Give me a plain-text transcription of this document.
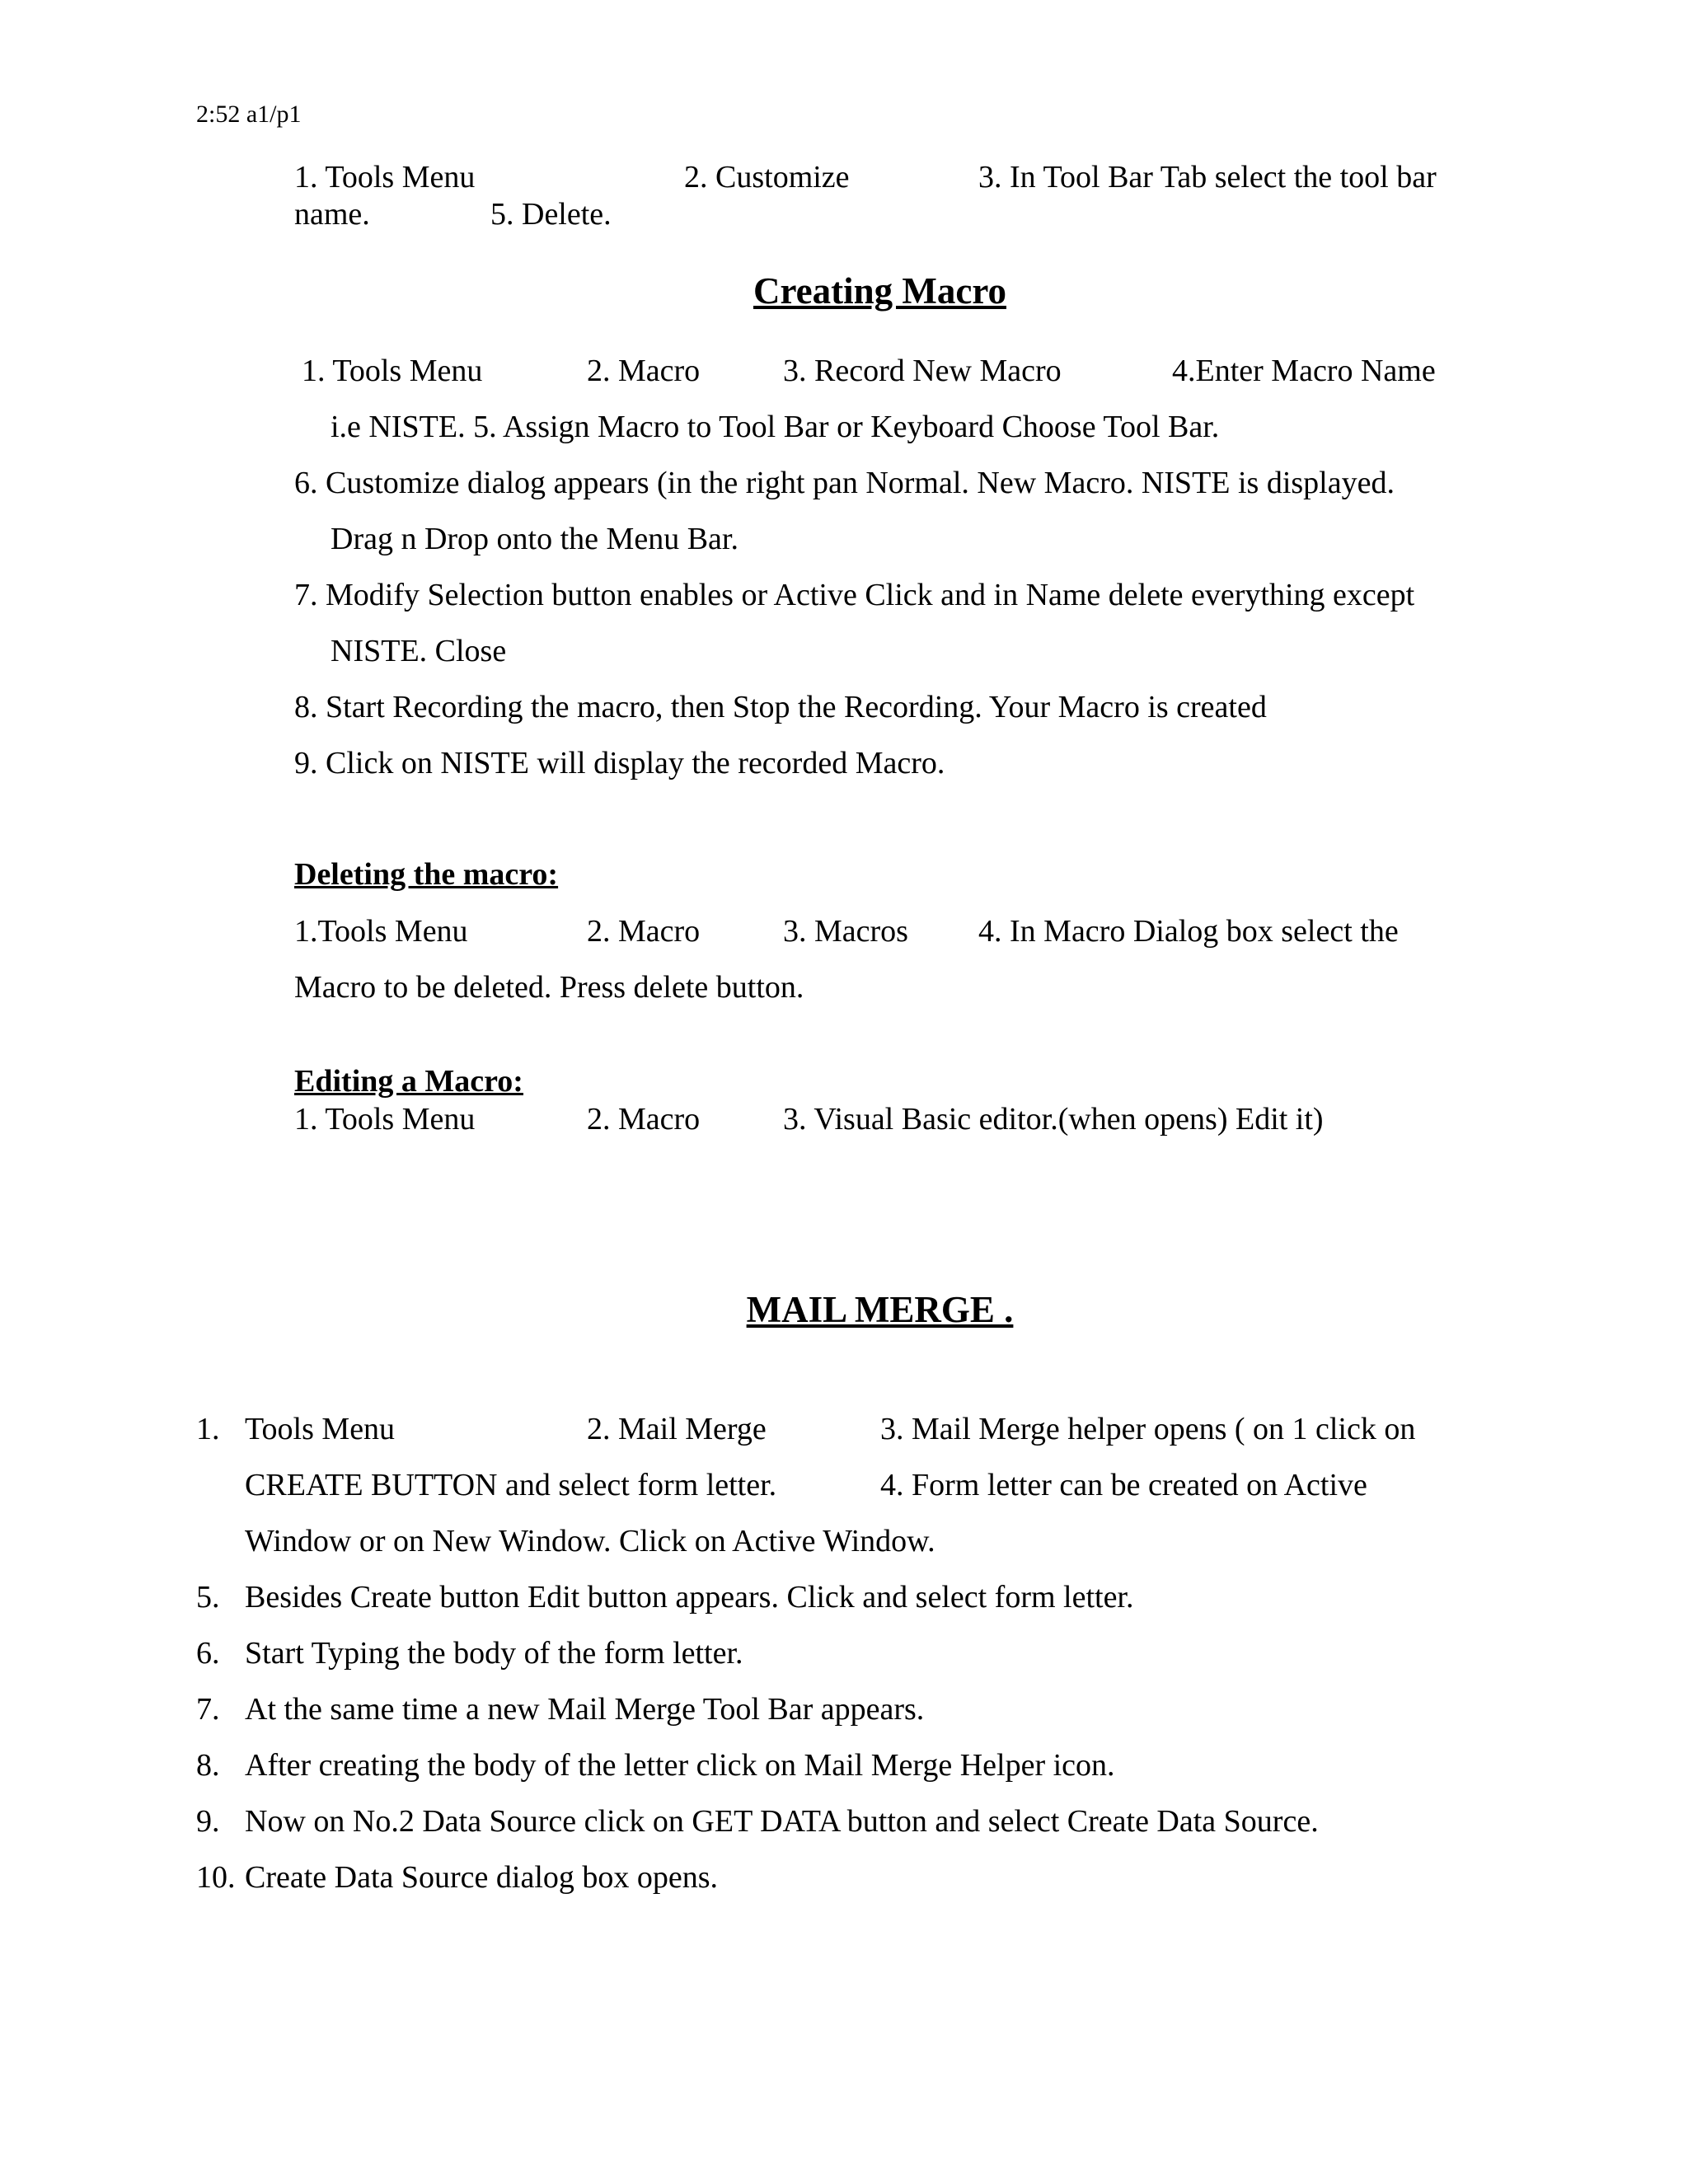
2:52 a1/p1
1. Tools Menu	2. Customize	3. In Tool Bar Tab select the tool bar
name.	5. Delete.
Creating Macro
1. Tools Menu	2. Macro	3. Record New Macro	4.Enter Macro Name
i.e NISTE. 5. Assign Macro to Tool Bar or Keyboard Choose Tool Bar.
6. Customize dialog appears (in the right pan Normal. New Macro. NISTE is displayed.
Drag n Drop onto the Menu Bar.
7. Modify Selection button enables or Active Click and in Name delete everything except
NISTE. Close
8. Start Recording the macro, then Stop the Recording. Your Macro is created
9. Click on NISTE will display the recorded Macro.
Deleting the macro:
1.Tools Menu	2. Macro	3. Macros 4. In Macro Dialog box select the
Macro to be deleted. Press delete button.
Editing a Macro:
1. Tools Menu	2. Macro	3. Visual Basic editor.(when opens) Edit it)
MAIL MERGE .
1. Tools Menu	2. Mail Merge	3. Mail Merge helper opens ( on 1 click on
CREATE BUTTON and select form letter.	4. Form letter can be created on Active
Window or on New Window. Click on Active Window.
5. Besides Create button Edit button appears. Click and select form letter.
6. Start Typing the body of the form letter.
7. At the same time a new Mail Merge Tool Bar appears.
8. After creating the body of the letter click on Mail Merge Helper icon.
9. Now on No.2 Data Source click on GET DATA button and select Create Data Source.
10. Create Data Source dialog box opens.
